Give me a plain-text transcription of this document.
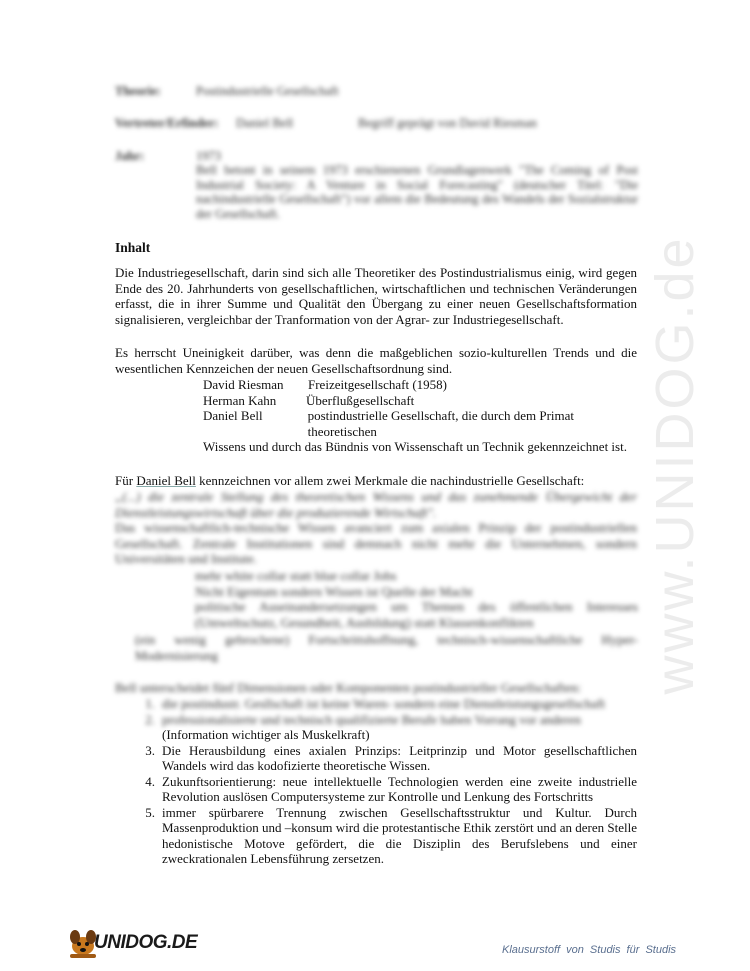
Theorie:	Postindustrielle Gesellschaft
Vertreter/Erfinder: Daniel Bell	Begriff geprägt von David Riesman
Jahr:	1973
Bell betont in seinem 1973 erschienenen Grundlagenwerk "The Coming of Post Industrial Society: A Venture in Social Forecasting" (deutscher Titel: "Die nachindustrielle Gesellschaft") vor allem die Bedeutung des Wandels der Sozialstruktur der Gesellschaft.
Inhalt
Die Industriegesellschaft, darin sind sich alle Theoretiker des Postindustrialismus einig, wird gegen Ende des 20. Jahrhunderts von gesellschaftlichen, wirtschaftlichen und technischen Veränderungen erfasst, die in ihrer Summe und Qualität den Übergang zu einer neuen Gesellschaftsformation signalisieren, vergleichbar der Tranformation von der Agrar- zur Industriegesellschaft.
Es herrscht Uneinigkeit darüber, was denn die maßgeblichen sozio-kulturellen Trends und die wesentlichen Kennzeichen der neuen Gesellschaftsordnung sind.
David Riesman	Freizeitgesellschaft (1958)
Herman Kahn	Überflußgesellschaft
Daniel Bell	postindustrielle Gesellschaft, die durch dem Primat theoretischen
Wissens und durch das Bündnis von Wissenschaft un Technik gekennzeichnet ist.
Für Daniel Bell kennzeichnen vor allem zwei Merkmale die nachindustrielle Gesellschaft:
„(...) die zentrale Stellung des theoretischen Wissens und das zunehmende Übergewicht der Dienstleistungswirtschaft über die produzierende Wirtschaft".
Das wissenschaftlich-technische Wissen avanciert zum axialen Prinzip der postindustriellen Gesellschaft. Zentrale Institutionen sind demnach nicht mehr die Unternehmen, sondern Universitäten und Institute.
mehr white collar statt blue collar Jobs
Nicht Eigentum sondern Wissen ist Quelle der Macht
politische Auseinandersetzungen um Themen des öffentlichen Interesses (Umweltschutz, Gesundheit, Ausbildung) statt Klassenkonflikten
(ein wenig gebrochene) Fortschrittshoffnung, technisch-wissenschaftliche Hyper-Modernisierung
Bell unterscheidet fünf Dimensionen oder Komponenten postindustrieller Gesellschaften:
1. die postindustr. Gesllschaft ist keine Waren- sondern eine Dienstleistungsgesellschaft
2. professionalisierte und technisch qualifizierte Berufe haben Vorrang vor anderen
(Information wichtiger als Muskelkraft)
3. Die Herausbildung eines axialen Prinzips: Leitprinzip und Motor gesellschaftlichen Wandels wird das kodofizierte theoretische Wissen.
4. Zukunftsorientierung: neue intellektuelle Technologien werden eine zweite industrielle Revolution auslösen Computersysteme zur Kontrolle und Lenkung des Fortschritts
5. immer spürbarere Trennung zwischen Gesellschaftsstruktur und Kultur. Durch Massenproduktion und –konsum wird die protestantische Ethik zerstört und an deren Stelle hedonistische Motove gefördert, die die Disziplin des Berufslebens und einer zweckrationalen Lebensführung zersetzen.
www.UNIDOG.de
UNIDOG.DE	Klausurstoff von Studis für Studis
